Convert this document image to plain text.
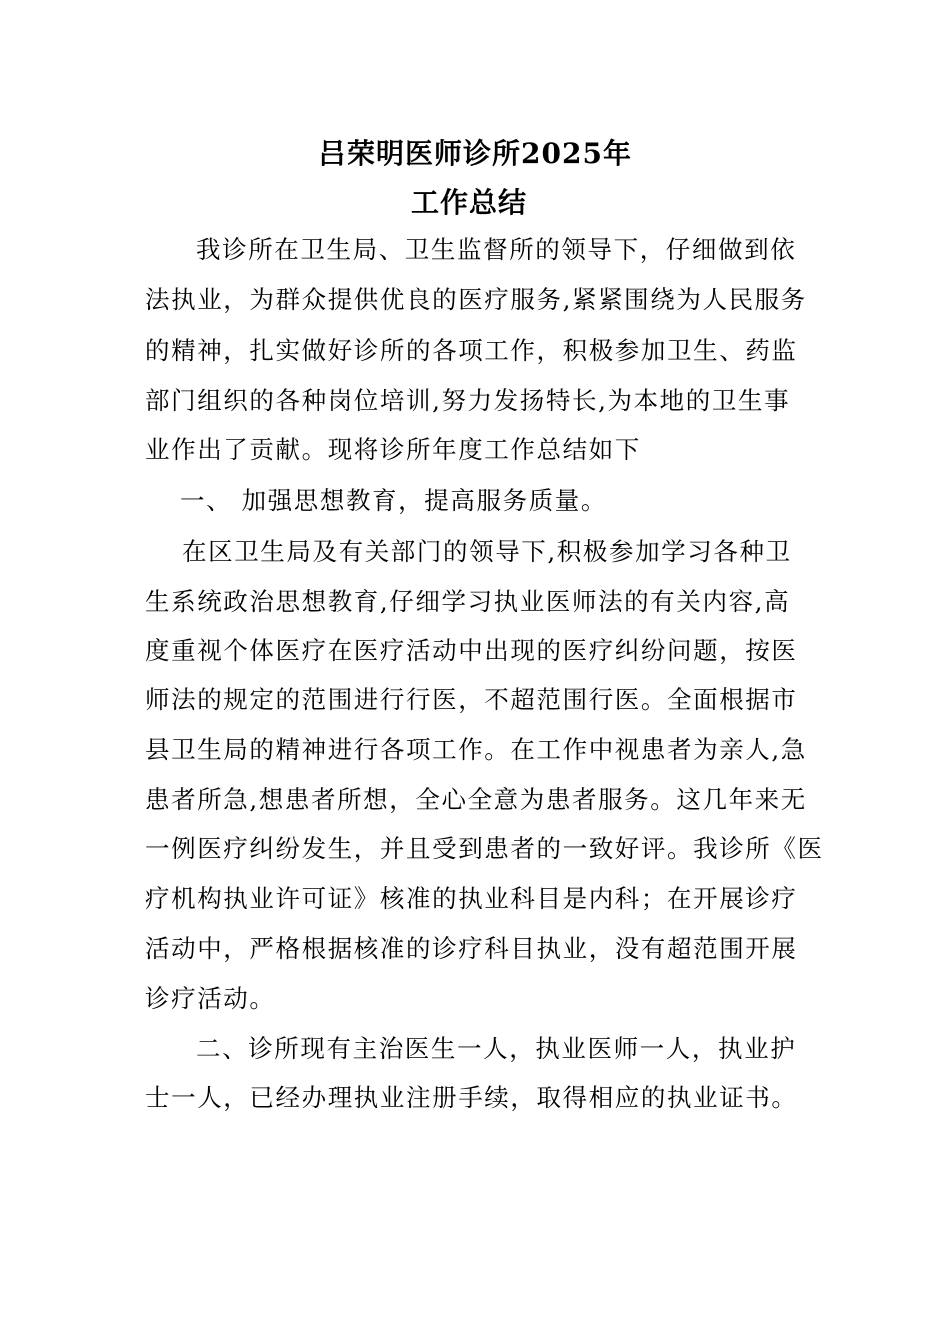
吕荣明医师诊所2025年
工作总结
我诊所在卫生局、卫生监督所的领导下，仔细做到依
法执业，为群众提供优良的医疗服务,紧紧围绕为人民服务
的精神，扎实做好诊所的各项工作，积极参加卫生、药监
部门组织的各种岗位培训,努力发扬特长,为本地的卫生事
业作出了贡献。现将诊所年度工作总结如下
一、 加强思想教育，提高服务质量。
在区卫生局及有关部门的领导下,积极参加学习各种卫
生系统政治思想教育,仔细学习执业医师法的有关内容,高
度重视个体医疗在医疗活动中出现的医疗纠纷问题，按医
师法的规定的范围进行行医，不超范围行医。全面根据市
县卫生局的精神进行各项工作。在工作中视患者为亲人,急
患者所急,想患者所想，全心全意为患者服务。这几年来无
一例医疗纠纷发生，并且受到患者的一致好评。我诊所《医
疗机构执业许可证》核准的执业科目是内科；在开展诊疗
活动中，严格根据核准的诊疗科目执业，没有超范围开展
诊疗活动。
二、诊所现有主治医生一人，执业医师一人，执业护
士一人，已经办理执业注册手续，取得相应的执业证书。
